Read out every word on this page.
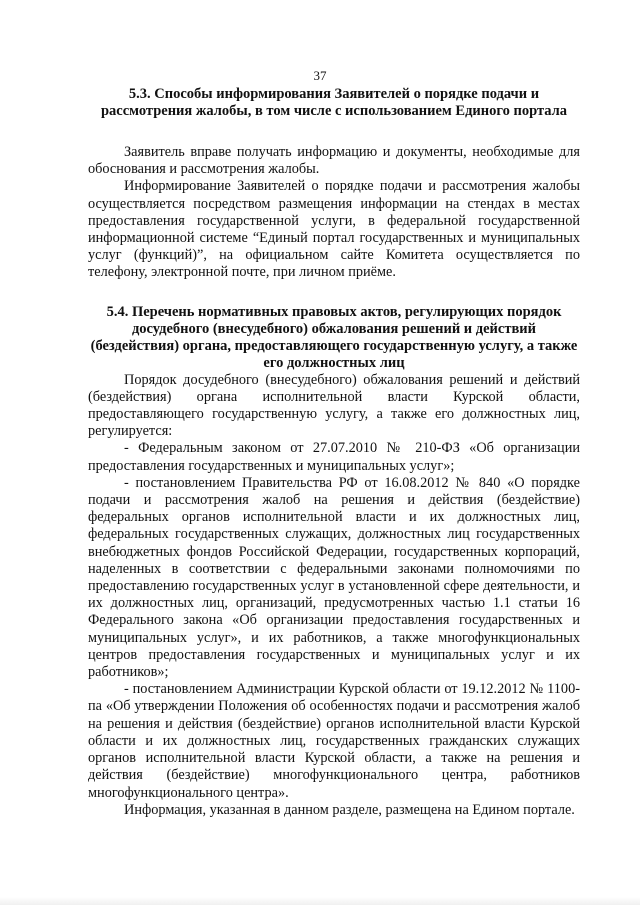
37

5.3. Способы информирования Заявителей о порядке подачи и рассмотрения жалобы, в том числе с использованием Единого портала

Заявитель вправе получать информацию и документы, необходимые для обоснования и рассмотрения жалобы.

Информирование Заявителей о порядке подачи и рассмотрения жалобы осуществляется посредством размещения информации на стендах в местах предоставления государственной услуги, в федеральной государственной информационной системе “Единый портал государственных и муниципальных услуг (функций)”, на официальном сайте Комитета осуществляется по телефону, электронной почте, при личном приёме.

5.4. Перечень нормативных правовых актов, регулирующих порядок досудебного (внесудебного) обжалования решений и действий (бездействия) органа, предоставляющего государственную услугу, а также его должностных лиц

Порядок досудебного (внесудебного) обжалования решений и действий (бездействия) органа исполнительной власти Курской области, предоставляющего государственную услугу, а также его должностных лиц, регулируется:

- Федеральным законом от 27.07.2010 № 210-ФЗ «Об организации предоставления государственных и муниципальных услуг»;

- постановлением Правительства РФ от 16.08.2012 № 840 «О порядке подачи и рассмотрения жалоб на решения и действия (бездействие) федеральных органов исполнительной власти и их должностных лиц, федеральных государственных служащих, должностных лиц государственных внебюджетных фондов Российской Федерации, государственных корпораций, наделенных в соответствии с федеральными законами полномочиями по предоставлению государственных услуг в установленной сфере деятельности, и их должностных лиц, организаций, предусмотренных частью 1.1 статьи 16 Федерального закона «Об организации предоставления государственных и муниципальных услуг», и их работников, а также многофункциональных центров предоставления государственных и муниципальных услуг и их работников»;

- постановлением Администрации Курской области от 19.12.2012 № 1100-па «Об утверждении Положения об особенностях подачи и рассмотрения жалоб на решения и действия (бездействие) органов исполнительной власти Курской области и их должностных лиц, государственных гражданских служащих органов исполнительной власти Курской области, а также на решения и действия (бездействие) многофункционального центра, работников многофункционального центра».

Информация, указанная в данном разделе, размещена на Едином портале.
